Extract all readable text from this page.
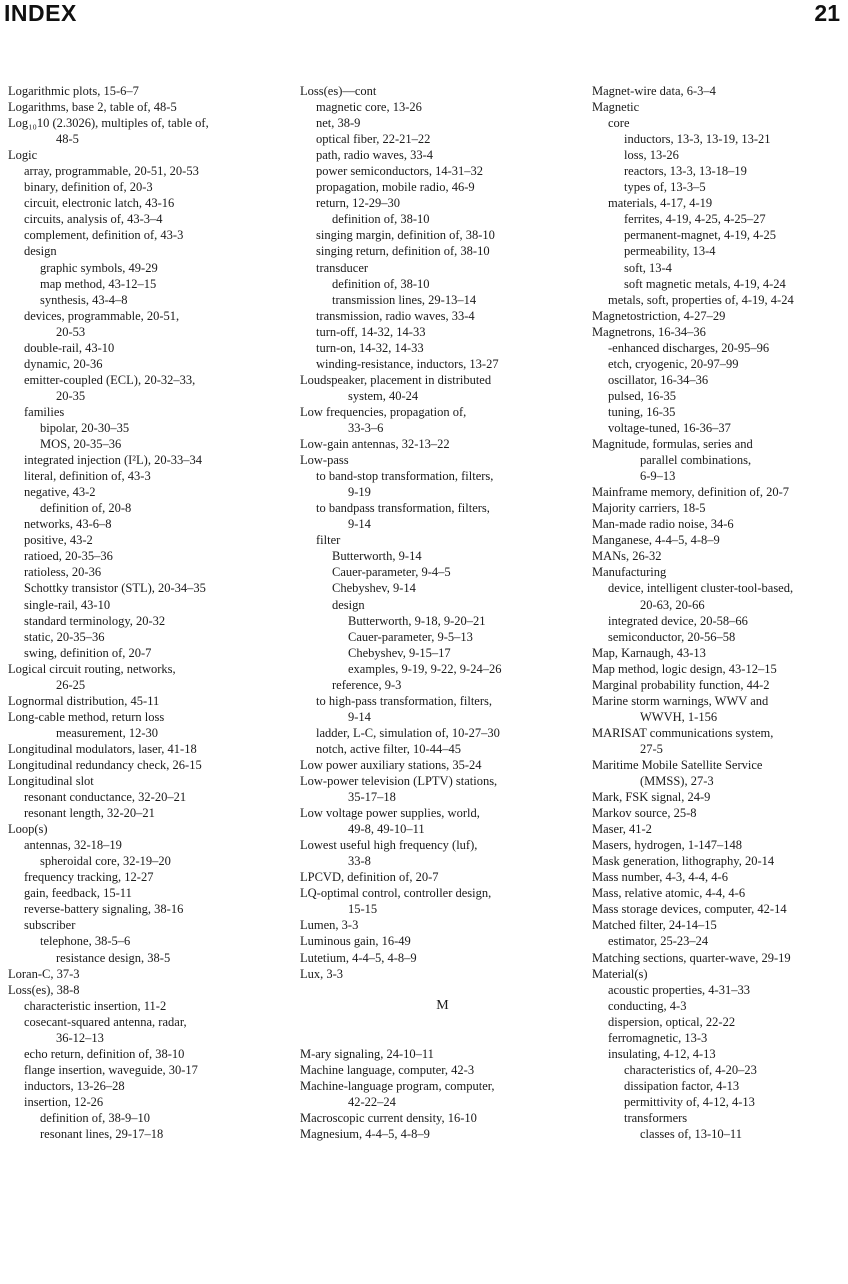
INDEX	21
Logarithmic plots, 15-6–7
Logarithms, base 2, table of, 48-5
Log₁₀10 (2.3026), multiples of, table of,
48-5
Logic
array, programmable, 20-51, 20-53
binary, definition of, 20-3
circuit, electronic latch, 43-16
circuits, analysis of, 43-3–4
complement, definition of, 43-3
design
graphic symbols, 49-29
map method, 43-12–15
synthesis, 43-4–8
devices, programmable, 20-51,
20-53
double-rail, 43-10
dynamic, 20-36
emitter-coupled (ECL), 20-32–33,
20-35
families
bipolar, 20-30–35
MOS, 20-35–36
integrated injection (I²L), 20-33–34
literal, definition of, 43-3
negative, 43-2
definition of, 20-8
networks, 43-6–8
positive, 43-2
ratioed, 20-35–36
ratioless, 20-36
Schottky transistor (STL), 20-34–35
single-rail, 43-10
standard terminology, 20-32
static, 20-35–36
swing, definition of, 20-7
Logical circuit routing, networks,
26-25
Lognormal distribution, 45-11
Long-cable method, return loss
measurement, 12-30
Longitudinal modulators, laser, 41-18
Longitudinal redundancy check, 26-15
Longitudinal slot
resonant conductance, 32-20–21
resonant length, 32-20–21
Loop(s)
antennas, 32-18–19
spheroidal core, 32-19–20
frequency tracking, 12-27
gain, feedback, 15-11
reverse-battery signaling, 38-16
subscriber
telephone, 38-5–6
resistance design, 38-5
Loran-C, 37-3
Loss(es), 38-8
characteristic insertion, 11-2
cosecant-squared antenna, radar,
36-12–13
echo return, definition of, 38-10
flange insertion, waveguide, 30-17
inductors, 13-26–28
insertion, 12-26
definition of, 38-9–10
resonant lines, 29-17–18
Loss(es)—cont
magnetic core, 13-26
net, 38-9
optical fiber, 22-21–22
path, radio waves, 33-4
power semiconductors, 14-31–32
propagation, mobile radio, 46-9
return, 12-29–30
definition of, 38-10
singing margin, definition of, 38-10
singing return, definition of, 38-10
transducer
definition of, 38-10
transmission lines, 29-13–14
transmission, radio waves, 33-4
turn-off, 14-32, 14-33
turn-on, 14-32, 14-33
winding-resistance, inductors, 13-27
Loudspeaker, placement in distributed
system, 40-24
Low frequencies, propagation of,
33-3–6
Low-gain antennas, 32-13–22
Low-pass
to band-stop transformation, filters,
9-19
to bandpass transformation, filters,
9-14
filter
Butterworth, 9-14
Cauer-parameter, 9-4–5
Chebyshev, 9-14
design
Butterworth, 9-18, 9-20–21
Cauer-parameter, 9-5–13
Chebyshev, 9-15–17
examples, 9-19, 9-22, 9-24–26
reference, 9-3
to high-pass transformation, filters,
9-14
ladder, L-C, simulation of, 10-27–30
notch, active filter, 10-44–45
Low power auxiliary stations, 35-24
Low-power television (LPTV) stations,
35-17–18
Low voltage power supplies, world,
49-8, 49-10–11
Lowest useful high frequency (luf),
33-8
LPCVD, definition of, 20-7
LQ-optimal control, controller design,
15-15
Lumen, 3-3
Luminous gain, 16-49
Lutetium, 4-4–5, 4-8–9
Lux, 3-3
M
M-ary signaling, 24-10–11
Machine language, computer, 42-3
Machine-language program, computer,
42-22–24
Macroscopic current density, 16-10
Magnesium, 4-4–5, 4-8–9
Magnet-wire data, 6-3–4
Magnetic
core
inductors, 13-3, 13-19, 13-21
loss, 13-26
reactors, 13-3, 13-18–19
types of, 13-3–5
materials, 4-17, 4-19
ferrites, 4-19, 4-25, 4-25–27
permanent-magnet, 4-19, 4-25
permeability, 13-4
soft, 13-4
soft magnetic metals, 4-19, 4-24
metals, soft, properties of, 4-19, 4-24
Magnetostriction, 4-27–29
Magnetrons, 16-34–36
-enhanced discharges, 20-95–96
etch, cryogenic, 20-97–99
oscillator, 16-34–36
pulsed, 16-35
tuning, 16-35
voltage-tuned, 16-36–37
Magnitude, formulas, series and
parallel combinations,
6-9–13
Mainframe memory, definition of, 20-7
Majority carriers, 18-5
Man-made radio noise, 34-6
Manganese, 4-4–5, 4-8–9
MANs, 26-32
Manufacturing
device, intelligent cluster-tool-based,
20-63, 20-66
integrated device, 20-58–66
semiconductor, 20-56–58
Map, Karnaugh, 43-13
Map method, logic design, 43-12–15
Marginal probability function, 44-2
Marine storm warnings, WWV and
WWVH, 1-156
MARISAT communications system,
27-5
Maritime Mobile Satellite Service
(MMSS), 27-3
Mark, FSK signal, 24-9
Markov source, 25-8
Maser, 41-2
Masers, hydrogen, 1-147–148
Mask generation, lithography, 20-14
Mass number, 4-3, 4-4, 4-6
Mass, relative atomic, 4-4, 4-6
Mass storage devices, computer, 42-14
Matched filter, 24-14–15
estimator, 25-23–24
Matching sections, quarter-wave, 29-19
Material(s)
acoustic properties, 4-31–33
conducting, 4-3
dispersion, optical, 22-22
ferromagnetic, 13-3
insulating, 4-12, 4-13
characteristics of, 4-20–23
dissipation factor, 4-13
permittivity of, 4-12, 4-13
transformers
classes of, 13-10–11
